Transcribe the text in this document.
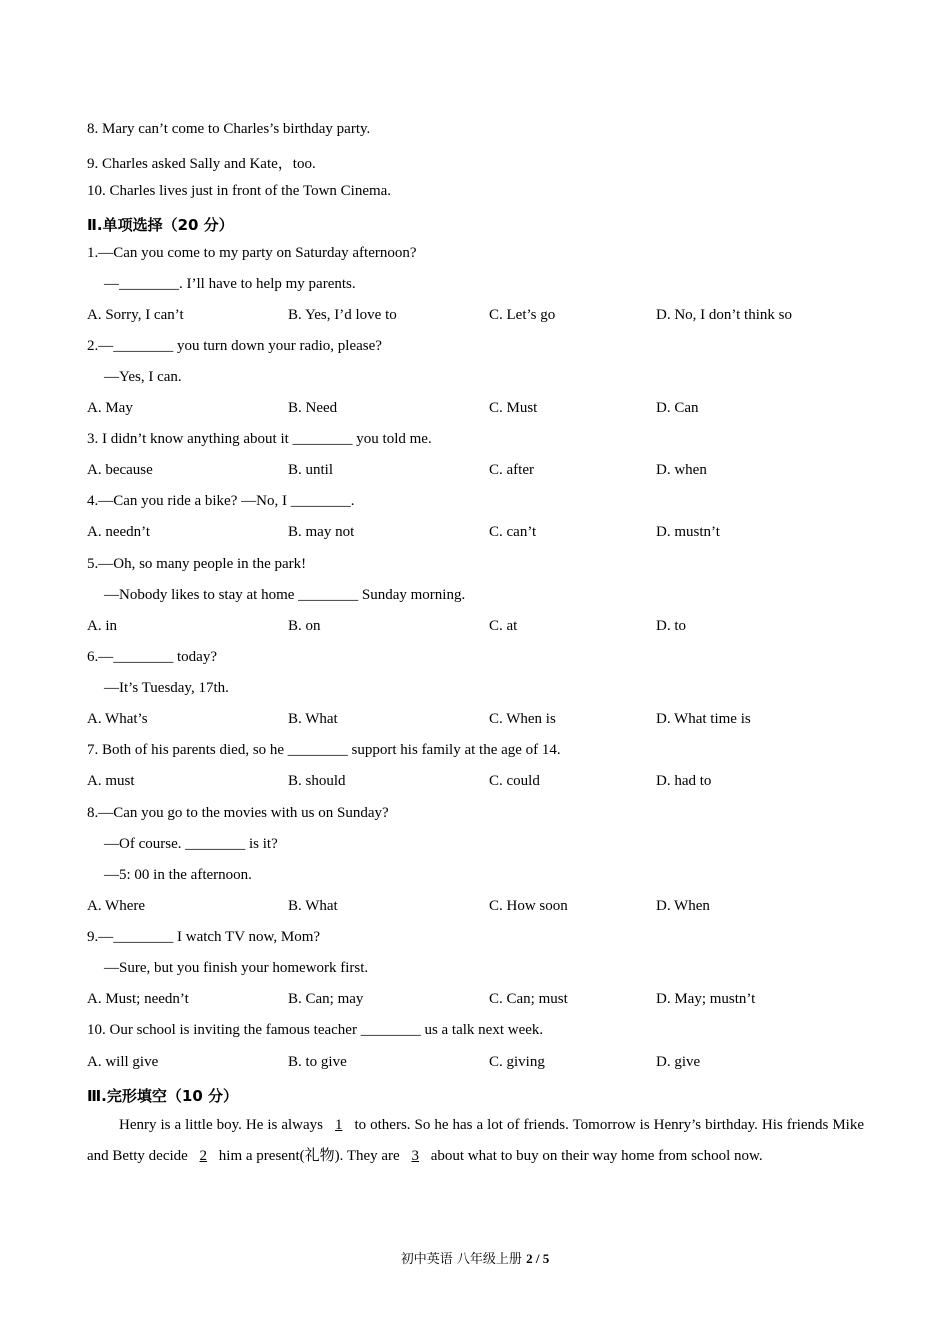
8. Mary can’t come to Charles’s birthday party.
9. Charles asked Sally and Kate，too.
10. Charles lives just in front of the Town Cinema.
Ⅱ.单项选择（20 分）
1.—Can you come to my party on Saturday afternoon?
—________. I’ll have to help my parents.
A. Sorry, I can’t	B. Yes, I’d love to	C. Let’s go	D. No, I don’t think so
2.—________ you turn down your radio, please?
—Yes, I can.
A. May	B. Need	C. Must	D. Can
3. I didn’t know anything about it ________ you told me.
A. because	B. until	C. after	D. when
4.—Can you ride a bike? —No, I ________.
A. needn’t	B. may not	C. can’t	D. mustn’t
5.—Oh, so many people in the park!
—Nobody likes to stay at home ________ Sunday morning.
A. in	B. on	C. at	D. to
6.—________ today?
—It’s Tuesday, 17th.
A. What’s	B. What	C. When is	D. What time is
7. Both of his parents died, so he ________ support his family at the age of 14.
A. must	B. should	C. could	D. had to
8.—Can you go to the movies with us on Sunday?
—Of course. ________ is it?
—5: 00 in the afternoon.
A. Where	B. What	C. How soon	D. When
9.—________ I watch TV now, Mom?
—Sure, but you finish your homework first.
A. Must; needn’t	B. Can; may	C. Can; must	D. May; mustn’t
10. Our school is inviting the famous teacher ________ us a talk next week.
A. will give	B. to give	C. giving	D. give
Ⅲ.完形填空（10 分）
Henry is a little boy. He is always 1 to others. So he has a lot of friends. Tomorrow is Henry’s birthday. His friends Mike and Betty decide 2 him a present(礼物). They are 3 about what to buy on their way home from school now.
初中英语 八年级上册 2 / 5
